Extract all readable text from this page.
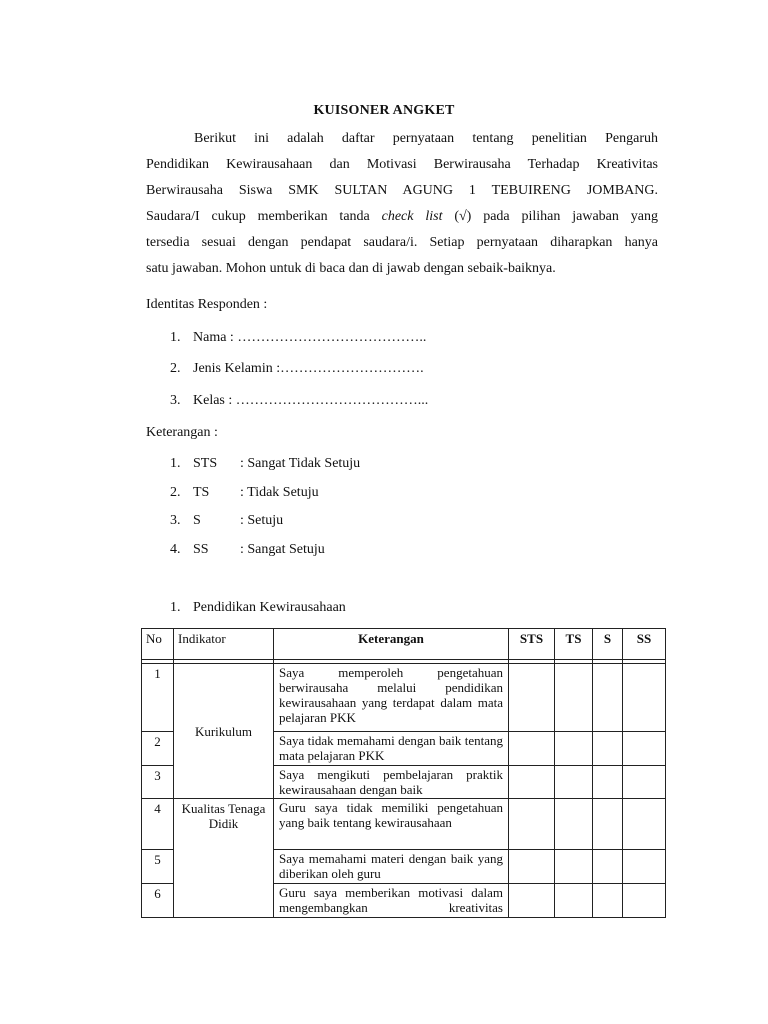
KUISONER ANGKET
Berikut ini adalah daftar pernyataan tentang penelitian Pengaruh
Pendidikan Kewirausahaan dan Motivasi Berwirausaha Terhadap Kreativitas
Berwirausaha Siswa SMK SULTAN AGUNG 1 TEBUIRENG JOMBANG.
Saudara/I cukup memberikan tanda check list (√) pada pilihan jawaban yang
tersedia sesuai dengan pendapat saudara/i. Setiap pernyataan diharapkan hanya
satu jawaban. Mohon untuk di baca dan di jawab dengan sebaik-baiknya.
Identitas Responden :
1. Nama : …………………………………..
2. Jenis Kelamin :………………………….
3. Kelas : …………………………………...
Keterangan :
1. STS : Sangat Tidak Setuju
2. TS : Tidak Setuju
3. S	: Setuju
4. SS : Sangat Setuju
1. Pendidikan Kewirausahaan
No	Indikator	Keterangan	STS	TS	S	SS

1	Kurikulum	Saya memperoleh pengetahuan berwirausaha melalui pendidikan kewirausahaan yang terdapat dalam mata pelajaran PKK				
2		Saya tidak memahami dengan baik tentang mata pelajaran PKK				
3		Saya mengikuti pembelajaran praktik kewirausahaan dengan baik				
4	Kualitas Tenaga Didik	Guru saya tidak memiliki pengetahuan yang baik tentang kewirausahaan				
5		Saya memahami materi dengan baik yang diberikan oleh guru				
6		Guru saya memberikan motivasi dalam mengembangkan kreativitas				
